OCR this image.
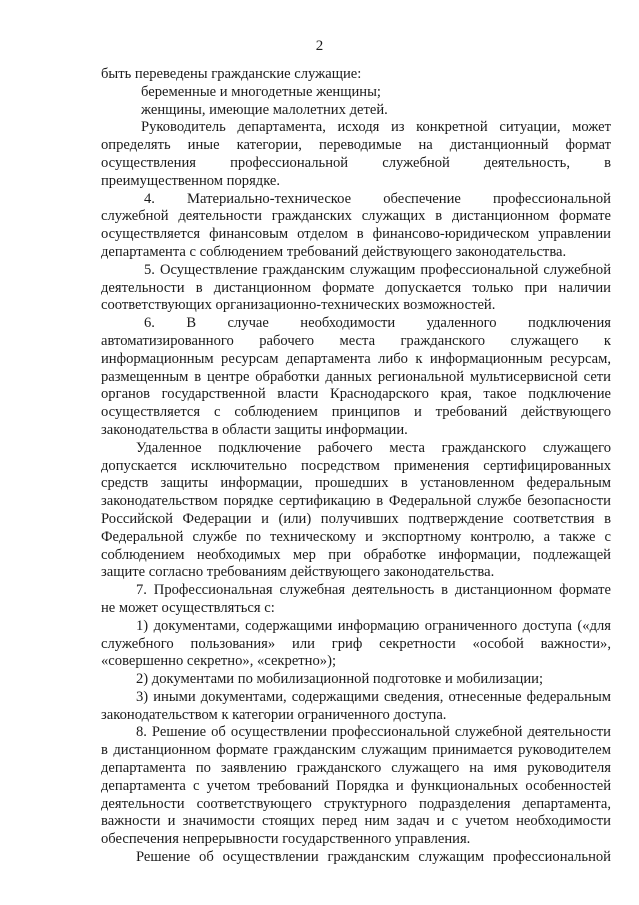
2
быть переведены гражданские служащие:
беременные и многодетные женщины;
женщины, имеющие малолетних детей.
Руководитель департамента, исходя из конкретной ситуации, может
определять иные категории, переводимые на дистанционный формат
осуществления профессиональной служебной деятельность, в
преимущественном порядке.
4. Материально-техническое обеспечение профессиональной
служебной деятельности гражданских служащих в дистанционном формате
осуществляется финансовым отделом в финансово-юридическом управлении
департамента с соблюдением требований действующего законодательства.
5. Осуществление гражданским служащим профессиональной служебной
деятельности в дистанционном формате допускается только при наличии
соответствующих организационно-технических возможностей.
6. В случае необходимости удаленного подключения
автоматизированного рабочего места гражданского служащего к
информационным ресурсам департамента либо к информационным ресурсам,
размещенным в центре обработки данных региональной мультисервисной сети
органов государственной власти Краснодарского края, такое подключение
осуществляется с соблюдением принципов и требований действующего
законодательства в области защиты информации.
Удаленное подключение рабочего места гражданского служащего
допускается исключительно посредством применения сертифицированных
средств защиты информации, прошедших в установленном федеральным
законодательством порядке сертификацию в Федеральной службе безопасности
Российской Федерации и (или) получивших подтверждение соответствия в
Федеральной службе по техническому и экспортному контролю, а также с
соблюдением необходимых мер при обработке информации, подлежащей
защите согласно требованиям действующего законодательства.
7. Профессиональная служебная деятельность в дистанционном формате
не может осуществляться с:
1) документами, содержащими информацию ограниченного доступа («для
служебного пользования» или гриф секретности «особой важности»,
«совершенно секретно», «секретно»);
2) документами по мобилизационной подготовке и мобилизации;
3) иными документами, содержащими сведения, отнесенные федеральным
законодательством к категории ограниченного доступа.
8. Решение об осуществлении профессиональной служебной деятельности
в дистанционном формате гражданским служащим принимается руководителем
департамента по заявлению гражданского служащего на имя руководителя
департамента с учетом требований Порядка и функциональных особенностей
деятельности соответствующего структурного подразделения департамента,
важности и значимости стоящих перед ним задач и с учетом необходимости
обеспечения непрерывности государственного управления.
Решение об осуществлении гражданским служащим профессиональной
